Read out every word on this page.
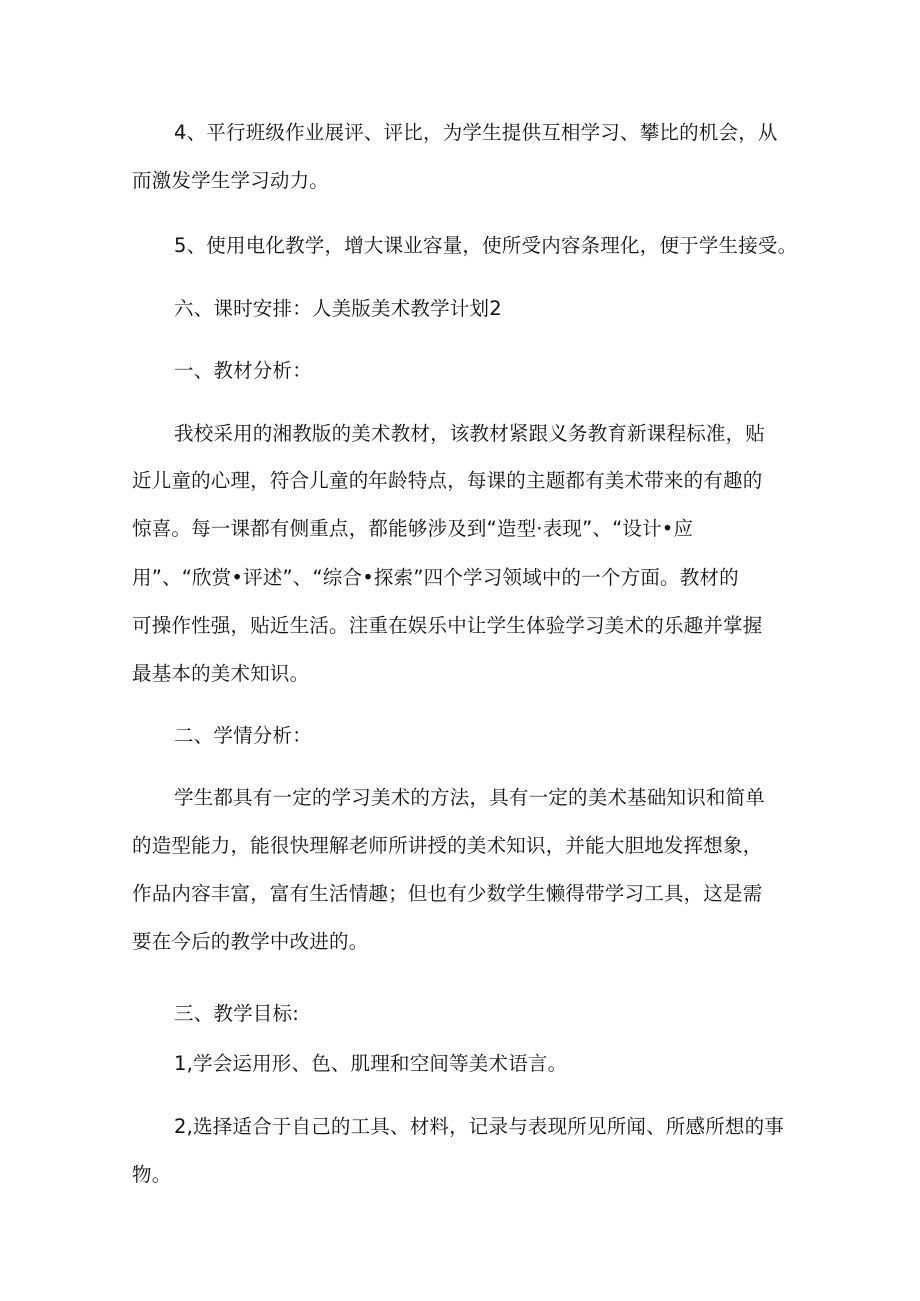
4、平行班级作业展评、评比，为学生提供互相学习、攀比的机会，从
而激发学生学习动力。
5、使用电化教学，增大课业容量，使所受内容条理化，便于学生接受。
六、课时安排：人美版美术教学计划2
一、教材分析：
我校采用的湘教版的美术教材，该教材紧跟义务教育新课程标准，贴
近儿童的心理，符合儿童的年龄特点，每课的主题都有美术带来的有趣的
惊喜。每一课都有侧重点，都能够涉及到“造型·表现”、“设计•应
用”、“欣赏•评述”、“综合•探索”四个学习领域中的一个方面。教材的
可操作性强，贴近生活。注重在娱乐中让学生体验学习美术的乐趣并掌握
最基本的美术知识。
二、学情分析：
学生都具有一定的学习美术的方法，具有一定的美术基础知识和简单
的造型能力，能很快理解老师所讲授的美术知识，并能大胆地发挥想象，
作品内容丰富，富有生活情趣；但也有少数学生懒得带学习工具，这是需
要在今后的教学中改进的。
三、教学目标:
1,学会运用形、色、肌理和空间等美术语言。
2,选择适合于自己的工具、材料，记录与表现所见所闻、所感所想的事
物。
